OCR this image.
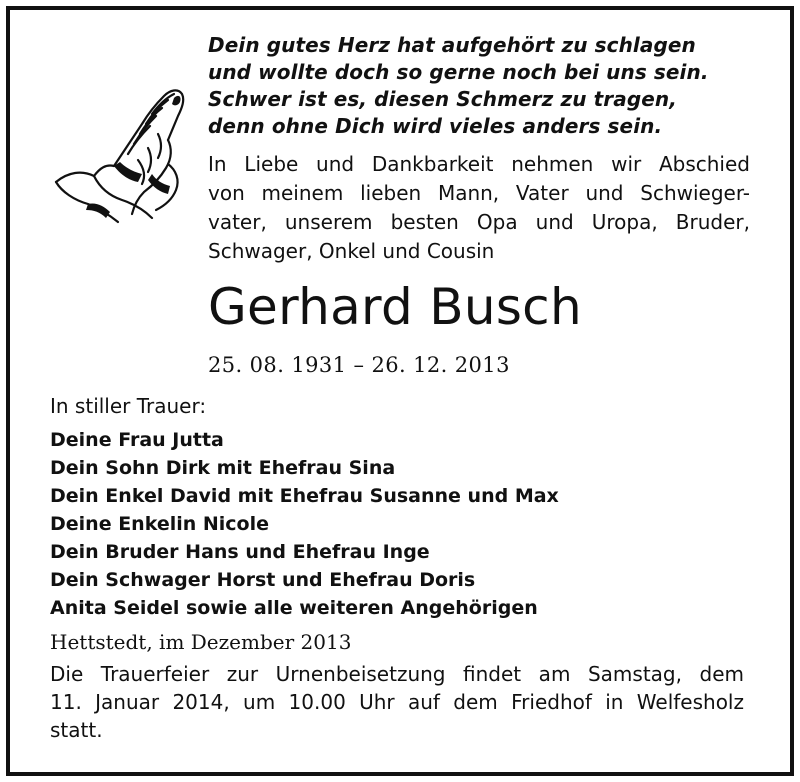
Dein gutes Herz hat aufgehört zu schlagen
und wollte doch so gerne noch bei uns sein.
Schwer ist es, diesen Schmerz zu tragen,
denn ohne Dich wird vieles anders sein.
In Liebe und Dankbarkeit nehmen wir Abschied
von meinem lieben Mann, Vater und Schwieger-
vater, unserem besten Opa und Uropa, Bruder,
Schwager, Onkel und Cousin
Gerhard Busch
25. 08. 1931 – 26. 12. 2013
In stiller Trauer:
Deine Frau Jutta
Dein Sohn Dirk mit Ehefrau Sina
Dein Enkel David mit Ehefrau Susanne und Max
Deine Enkelin Nicole
Dein Bruder Hans und Ehefrau Inge
Dein Schwager Horst und Ehefrau Doris
Anita Seidel sowie alle weiteren Angehörigen
Hettstedt, im Dezember 2013
Die Trauerfeier zur Urnenbeisetzung findet am Samstag, dem
11. Januar 2014, um 10.00 Uhr auf dem Friedhof in Welfesholz
statt.
